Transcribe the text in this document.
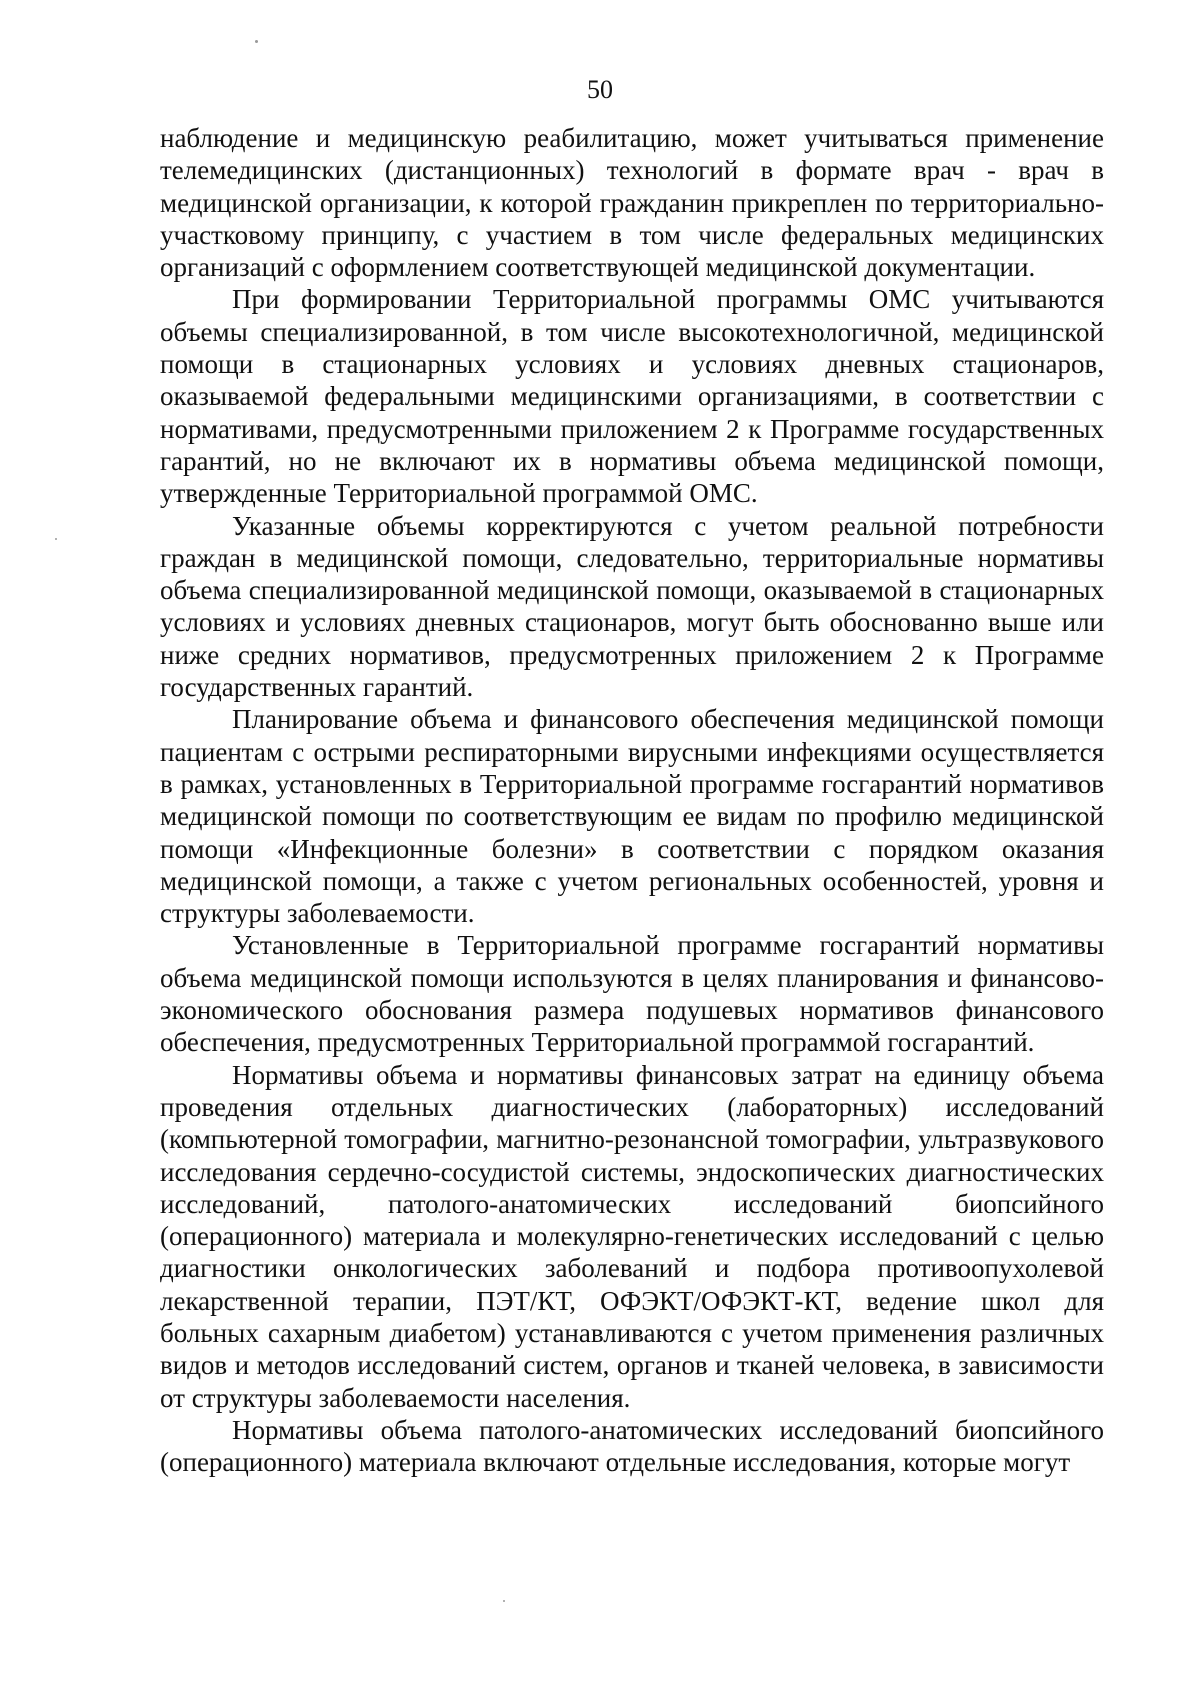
50

наблюдение и медицинскую реабилитацию, может учитываться применение телемедицинских (дистанционных) технологий в формате врач - врач в медицинской организации, к которой гражданин прикреплен по территориально-участковому принципу, с участием в том числе федеральных медицинских организаций с оформлением соответствующей медицинской документации.

При формировании Территориальной программы ОМС учитываются объемы специализированной, в том числе высокотехнологичной, медицинской помощи в стационарных условиях и условиях дневных стационаров, оказываемой федеральными медицинскими организациями, в соответствии с нормативами, предусмотренными приложением 2 к Программе государственных гарантий, но не включают их в нормативы объема медицинской помощи, утвержденные Территориальной программой ОМС.

Указанные объемы корректируются с учетом реальной потребности граждан в медицинской помощи, следовательно, территориальные нормативы объема специализированной медицинской помощи, оказываемой в стационарных условиях и условиях дневных стационаров, могут быть обоснованно выше или ниже средних нормативов, предусмотренных приложением 2 к Программе государственных гарантий.

Планирование объема и финансового обеспечения медицинской помощи пациентам с острыми респираторными вирусными инфекциями осуществляется в рамках, установленных в Территориальной программе госгарантий нормативов медицинской помощи по соответствующим ее видам по профилю медицинской помощи «Инфекционные болезни» в соответствии с порядком оказания медицинской помощи, а также с учетом региональных особенностей, уровня и структуры заболеваемости.

Установленные в Территориальной программе госгарантий нормативы объема медицинской помощи используются в целях планирования и финансово-экономического обоснования размера подушевых нормативов финансового обеспечения, предусмотренных Территориальной программой госгарантий.

Нормативы объема и нормативы финансовых затрат на единицу объема проведения отдельных диагностических (лабораторных) исследований (компьютерной томографии, магнитно-резонансной томографии, ультразвукового исследования сердечно-сосудистой системы, эндоскопических диагностических исследований, патолого-анатомических исследований биопсийного (операционного) материала и молекулярно-генетических исследований с целью диагностики онкологических заболеваний и подбора противоопухолевой лекарственной терапии, ПЭТ/КТ, ОФЭКТ/ОФЭКТ-КТ, ведение школ для больных сахарным диабетом) устанавливаются с учетом применения различных видов и методов исследований систем, органов и тканей человека, в зависимости от структуры заболеваемости населения.

Нормативы объема патолого-анатомических исследований биопсийного (операционного) материала включают отдельные исследования, которые могут
